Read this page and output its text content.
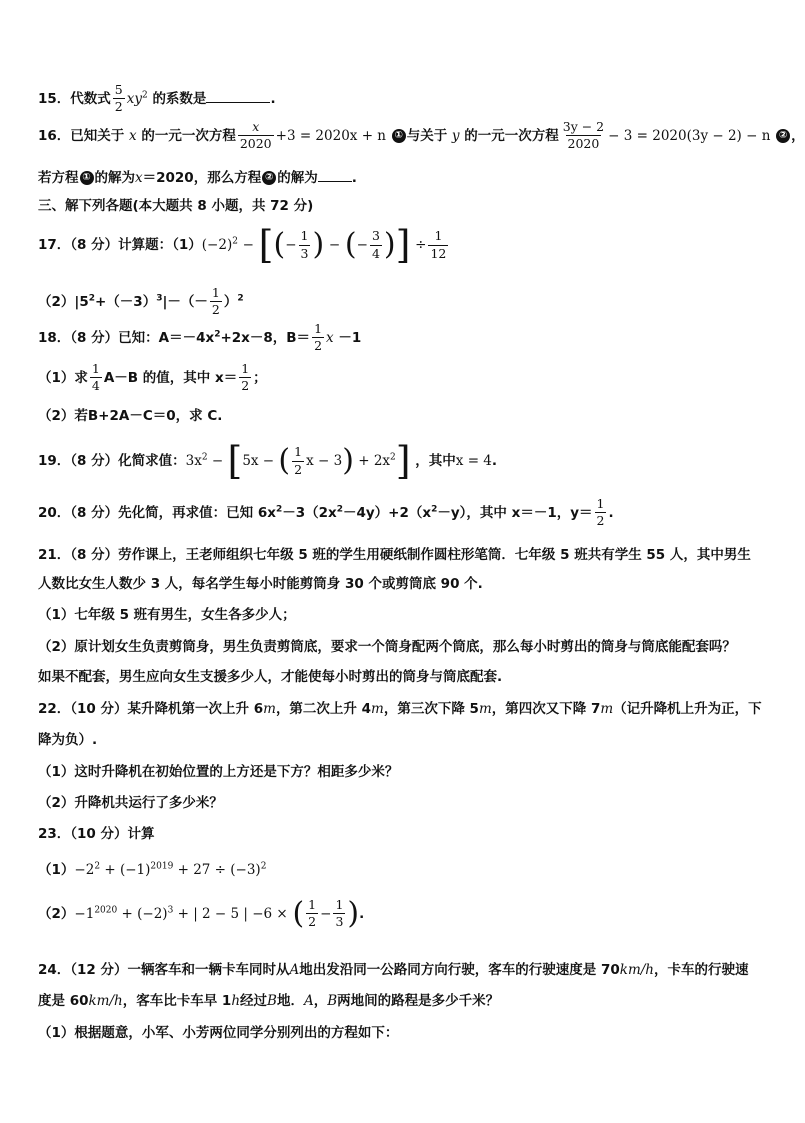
15．代数式 $\frac{5}{2} xy^2$ 的系数是	.
16．已知关于 x 的一元一次方程 $\frac{x}{2020} +3 = 2020x + n$ ① 与关于 y 的一元一次方程 $\frac{3y - 2}{2020} - 3 = 2020(3y - 2) - n$ ② ，
若方程 ① 的解为x＝2020，那么方程 ② 的解为	.
三、解下列各题(本大题共 8 小题，共 72 分)
17．（8 分）计算题：$(1)(-2)^2$ − [(− $\frac{1}{3}$ ) − (− $\frac{3}{4}$ )] ÷ $\frac{1}{12}$
$(2)|5^2+(-3)^3|-(- \frac{1}{2} )^2$
18．（8 分）已知：$A=-4x^2+2x-8$，$B= \frac{1}{2}$ x －1
（1）求 $\frac{1}{4} A-B$ 的值，其中 $x= \frac{1}{2}$ ；
（2）若B+2A－C＝0，求 C.
19．（8 分）化简求值：$3x^2 - [5x$ − ( $\frac{1}{2}$ $x - 3) + 2x^2$] ，其中x = 4.
20．（8 分）先化简，再求值：已知 $6x^2-3(2x^2-4y)+2(x^2-y)$，其中 x＝－1，$y= \frac{1}{2}$ .
21．（8 分）劳作课上，王老师组织七年级 5 班的学生用硬纸制作圆柱形笔筒．七年级 5 班共有学生 55 人，其中男生
人数比女生人数少 3 人，每名学生每小时能剪筒身 30 个或剪筒底 90 个.
（1）七年级 5 班有男生，女生各多少人；
（2）原计划女生负责剪筒身，男生负责剪筒底，要求一个筒身配两个筒底，那么每小时剪出的筒身与筒底能配套吗？
如果不配套，男生应向女生支援多少人，才能使每小时剪出的筒身与筒底配套.
22．（10 分）某升降机第一次上升 6m，第二次上升 4m，第三次下降 5m，第四次又下降 7m（记升降机上升为正，下
降为负）.
（1）这时升降机在初始位置的上方还是下方？相距多少米？
（2）升降机共运行了多少米？
23．（10 分）计算
$(1)-2^2 + (-1)^{2019} + 27 \div (-3)^2$
$(2)-1^{2020} + (-2)^3$ + | 2 − 5 | −6 × ( $\frac{1}{2} - \frac{1}{3}$ ).
24．（12 分）一辆客车和一辆卡车同时从A地出发沿同一公路同方向行驶，客车的行驶速度是 70km/h，卡车的行驶速
度是 60km/h，客车比卡车早 1h经过B地．A，B两地间的路程是多少千米？
（1）根据题意，小军、小芳两位同学分别列出的方程如下：
